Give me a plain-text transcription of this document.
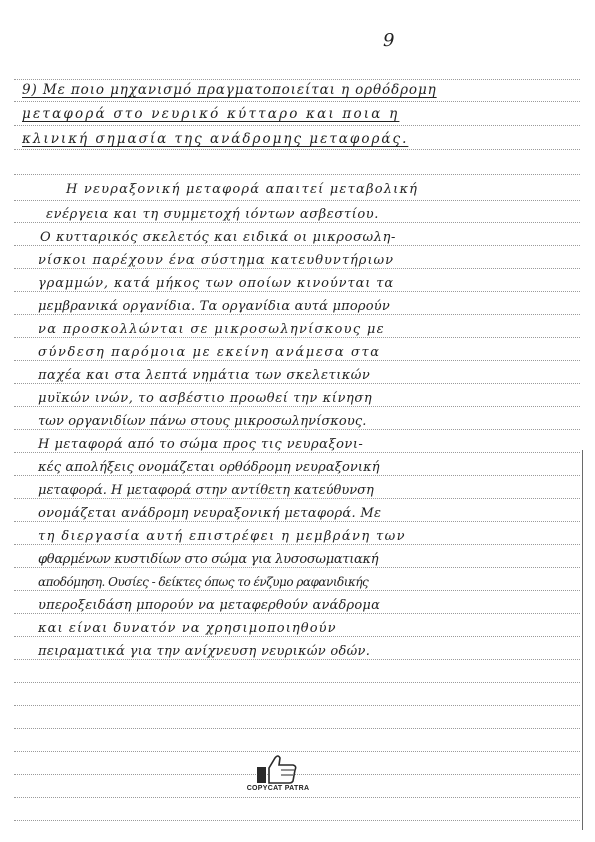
9

9) Με ποιο μηχανισμό πραγματοποιείται η ορθόδρομη

μεταφορά στο νευρικό κύτταρο και ποια η

κλινική σημασία της ανάδρομης μεταφοράς.

Η νευραξονική μεταφορά απαιτεί μεταβολική

ενέργεια και τη συμμετοχή ιόντων ασβεστίου.

Ο κυτταρικός σκελετός και ειδικά οι μικροσωλη-

νίσκοι παρέχουν ένα σύστημα κατευθυντήριων

γραμμών, κατά μήκος των οποίων κινούνται τα

μεμβρανικά οργανίδια. Τα οργανίδια αυτά μπορούν

να προσκολλώνται σε μικροσωληνίσκους με

σύνδεση παρόμοια με εκείνη ανάμεσα στα

παχέα και στα λεπτά νημάτια των σκελετικών

μυϊκών ινών, το ασβέστιο προωθεί την κίνηση

των οργανιδίων πάνω στους μικροσωληνίσκους.

Η μεταφορά από το σώμα προς τις νευραξονι-

κές απολήξεις ονομάζεται ορθόδρομη νευραξονική

μεταφορά. Η μεταφορά στην αντίθετη κατεύθυνση

ονομάζεται ανάδρομη νευραξονική μεταφορά. Με

τη διεργασία αυτή επιστρέφει η μεμβράνη των

φθαρμένων κυστιδίων στο σώμα για λυσοσωματιακή

αποδόμηση. Ουσίες - δείκτες όπως το ένζυμο ραφανιδικής

υπεροξειδάση μπορούν να μεταφερθούν ανάδρομα

και είναι δυνατόν να χρησιμοποιηθούν

πειραματικά για την ανίχνευση νευρικών οδών.

COPYCAT PATRA
